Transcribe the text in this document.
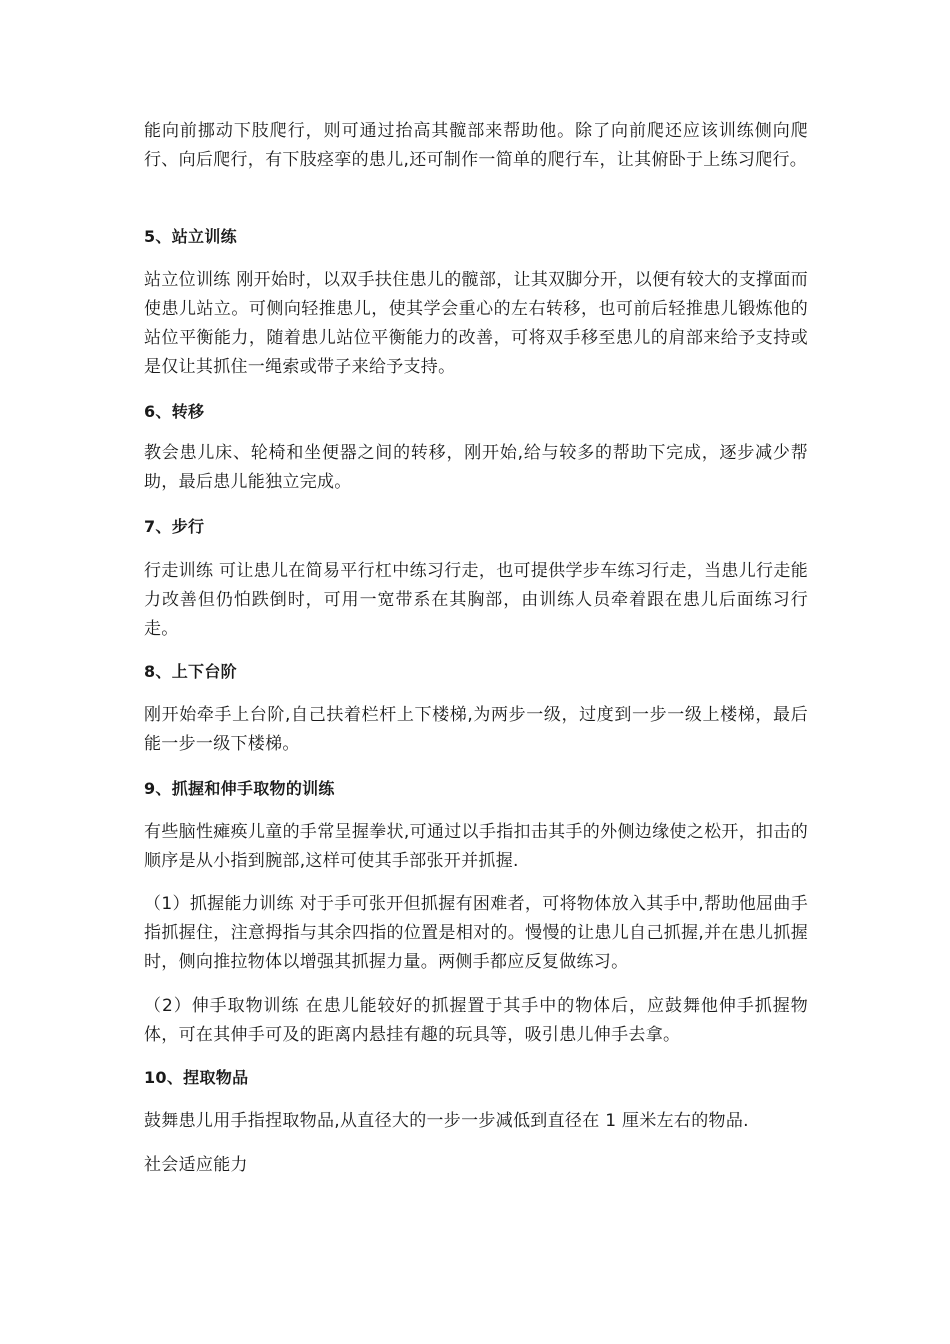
能向前挪动下肢爬行，则可通过抬高其髋部来帮助他。除了向前爬还应该训练侧向爬行、向后爬行，有下肢痉挛的患儿,还可制作一简单的爬行车，让其俯卧于上练习爬行。

5、站立训练

站立位训练 刚开始时，以双手扶住患儿的髋部，让其双脚分开，以便有较大的支撑面而使患儿站立。可侧向轻推患儿，使其学会重心的左右转移，也可前后轻推患儿锻炼他的站位平衡能力，随着患儿站位平衡能力的改善，可将双手移至患儿的肩部来给予支持或是仅让其抓住一绳索或带子来给予支持。

6、转移

教会患儿床、轮椅和坐便器之间的转移，刚开始,给与较多的帮助下完成，逐步减少帮助，最后患儿能独立完成。

7、步行

行走训练 可让患儿在简易平行杠中练习行走，也可提供学步车练习行走，当患儿行走能力改善但仍怕跌倒时，可用一宽带系在其胸部，由训练人员牵着跟在患儿后面练习行走。

8、上下台阶

刚开始牵手上台阶,自己扶着栏杆上下楼梯,为两步一级，过度到一步一级上楼梯，最后能一步一级下楼梯。

9、抓握和伸手取物的训练

有些脑性瘫痪儿童的手常呈握拳状,可通过以手指扣击其手的外侧边缘使之松开，扣击的顺序是从小指到腕部,这样可使其手部张开并抓握.

（1）抓握能力训练 对于手可张开但抓握有困难者，可将物体放入其手中,帮助他屈曲手指抓握住，注意拇指与其余四指的位置是相对的。慢慢的让患儿自己抓握,并在患儿抓握时，侧向推拉物体以增强其抓握力量。两侧手都应反复做练习。

（2）伸手取物训练 在患儿能较好的抓握置于其手中的物体后，应鼓舞他伸手抓握物体，可在其伸手可及的距离内悬挂有趣的玩具等，吸引患儿伸手去拿。

10、捏取物品

鼓舞患儿用手指捏取物品,从直径大的一步一步减低到直径在 1 厘米左右的物品.

社会适应能力
